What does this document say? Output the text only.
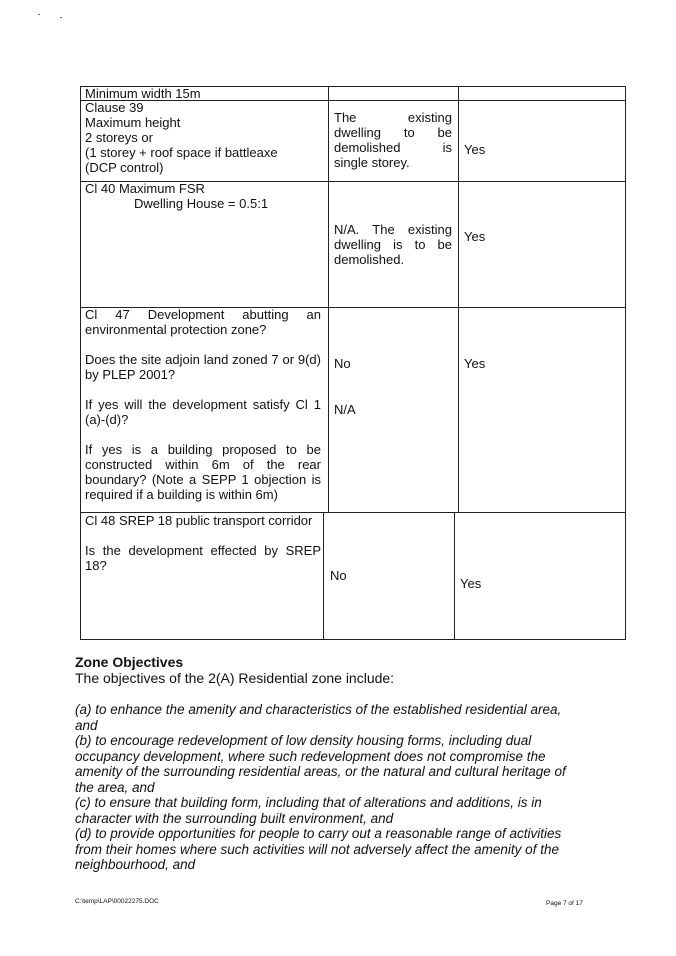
Minimum width 15m
Clause 39
Maximum height
2 storeys or
(1 storey + roof space if battleaxe
(DCP control)
The existing
dwelling to be
demolished is
single storey.
Yes
Cl 40 Maximum FSR
Dwelling House = 0.5:1
N/A. The existing
dwelling is to be
demolished.
Yes
Cl 47 Development abutting an environmental protection zone?
Does the site adjoin land zoned 7 or 9(d) by PLEP 2001?
If yes will the development satisfy Cl 1 (a)-(d)?
If yes is a building proposed to be constructed within 6m of the rear boundary? (Note a SEPP 1 objection is required if a building is within 6m)
No
N/A
Yes
Cl 48 SREP 18 public transport corridor
Is the development effected by SREP 18?
No
Yes
Zone Objectives
The objectives of the 2(A) Residential zone include:
(a) to enhance the amenity and characteristics of the established residential area, and
(b) to encourage redevelopment of low density housing forms, including dual occupancy development, where such redevelopment does not compromise the amenity of the surrounding residential areas, or the natural and cultural heritage of the area, and
(c) to ensure that building form, including that of alterations and additions, is in character with the surrounding built environment, and
(d) to provide opportunities for people to carry out a reasonable range of activities from their homes where such activities will not adversely affect the amenity of the neighbourhood, and
C:\temp\LAP\00022275.DOC	Page 7 of 17
